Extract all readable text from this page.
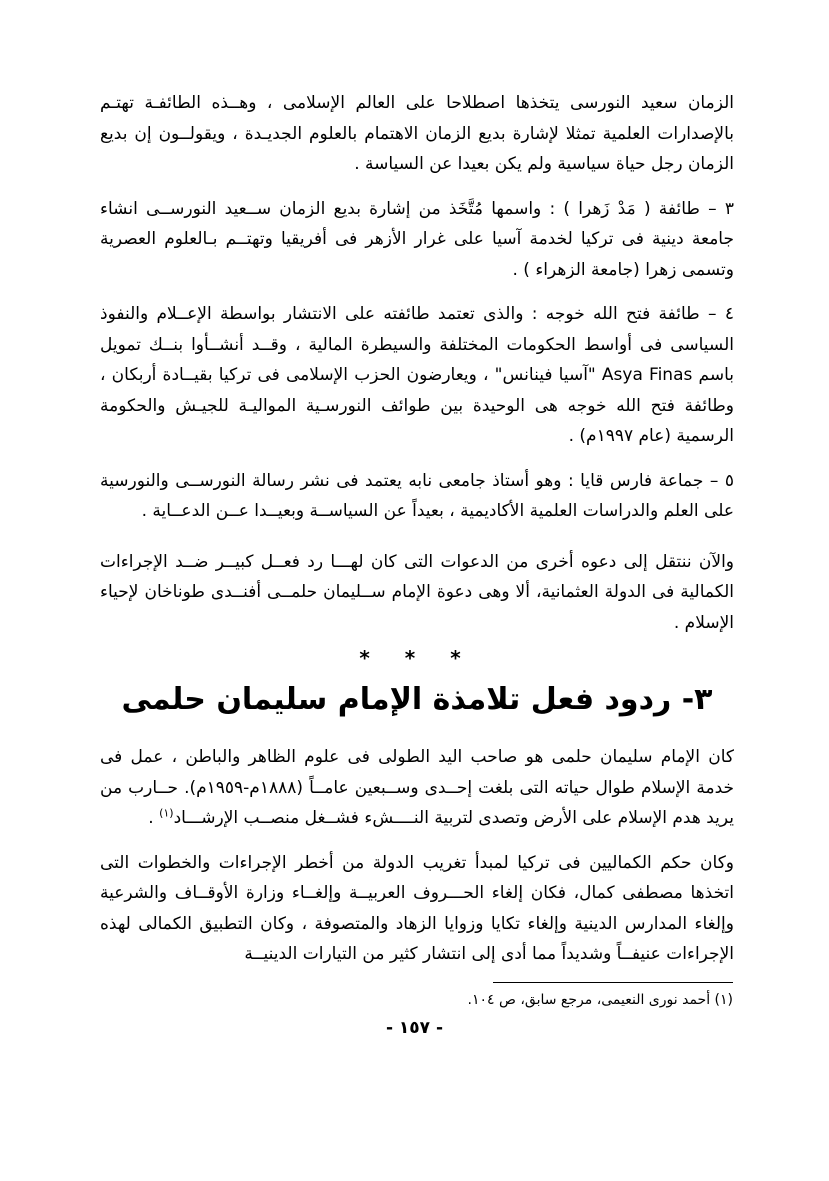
الزمان سعيد النورسى يتخذها اصطلاحا على العالم الإسلامى ، وهــذه الطائفـة تهتـم بالإصدارات العلمية تمثلا لإشارة بديع الزمان الاهتمام بالعلوم الجديـدة ، ويقولــون إن بديع الزمان رجل حياة سياسية ولم يكن بعيدا عن السياسة .

٣ – طائفة ( مَدْ زَهرا ) : واسمها مُتَّخَذ من إشارة بديع الزمان ســعيد النورســى انشاء جامعة دينية فى تركيا لخدمة آسيا على غرار الأزهر فى أفريقيا وتهتــم بـالعلوم العصرية وتسمى زهرا (جامعة الزهراء ) .

٤ – طائفة فتح الله خوجه : والذى تعتمد طائفته على الانتشار بواسطة الإعــلام والنفوذ السياسى فى أواسط الحكومات المختلفة والسيطرة المالية ، وقــد أنشــأوا بنــك تمويل باسم Asya Finas "آسيا فينانس" ، ويعارضون الحزب الإسلامى فى تركيا بقيــادة أربكان ، وطائفة فتح الله خوجه هى الوحيدة بين طوائف النورسـية المواليـة للجيـش والحكومة الرسمية (عام ١٩٩٧م) .

٥ – جماعة فارس قايا : وهو أستاذ جامعى نابه يعتمد فى نشر رسالة النورســى والنورسية على العلم والدراسات العلمية الأكاديمية ، بعيداً عن السياســة وبعيــدا عــن الدعــاية .

والآن ننتقل إلى دعوه أخرى من الدعوات التى كان لهـــا رد فعــل كبيــر ضــد الإجراءات الكمالية فى الدولة العثمانية، ألا وهى دعوة الإمام ســليمان حلمــى أفنــدى طوناخان لإحياء الإسلام .

* * *
٣- ردود فعل تلامذة الإمام سليمان حلمى

كان الإمام سليمان حلمى هو صاحب اليد الطولى فى علوم الظاهر والباطن ، عمل فى خدمة الإسلام طوال حياته التى بلغت إحــدى وســبعين عامــاً (١٨٨٨م-١٩٥٩م). حــارب من يريد هدم الإسلام على الأرض وتصدى لتربية النــــشء فشــغل منصــب الإرشـــاد$^{(١)}$ .

وكان حكم الكماليين فى تركيا لمبدأ تغريب الدولة من أخطر الإجراءات والخطوات التى اتخذها مصطفى كمال، فكان إلغاء الحـــروف العربيــة وإلغــاء وزارة الأوقــاف والشرعية وإلغاء المدارس الدينية وإلغاء تكايا وزوايا الزهاد والمتصوفة ، وكان التطبيق الكمالى لهذه الإجراءات عنيفــاً وشديداً مما أدى إلى انتشار كثير من التيارات الدينيــة

(١) أحمد نورى النعيمى، مرجع سابق، ص ١٠٤.
- ١٥٧ -
